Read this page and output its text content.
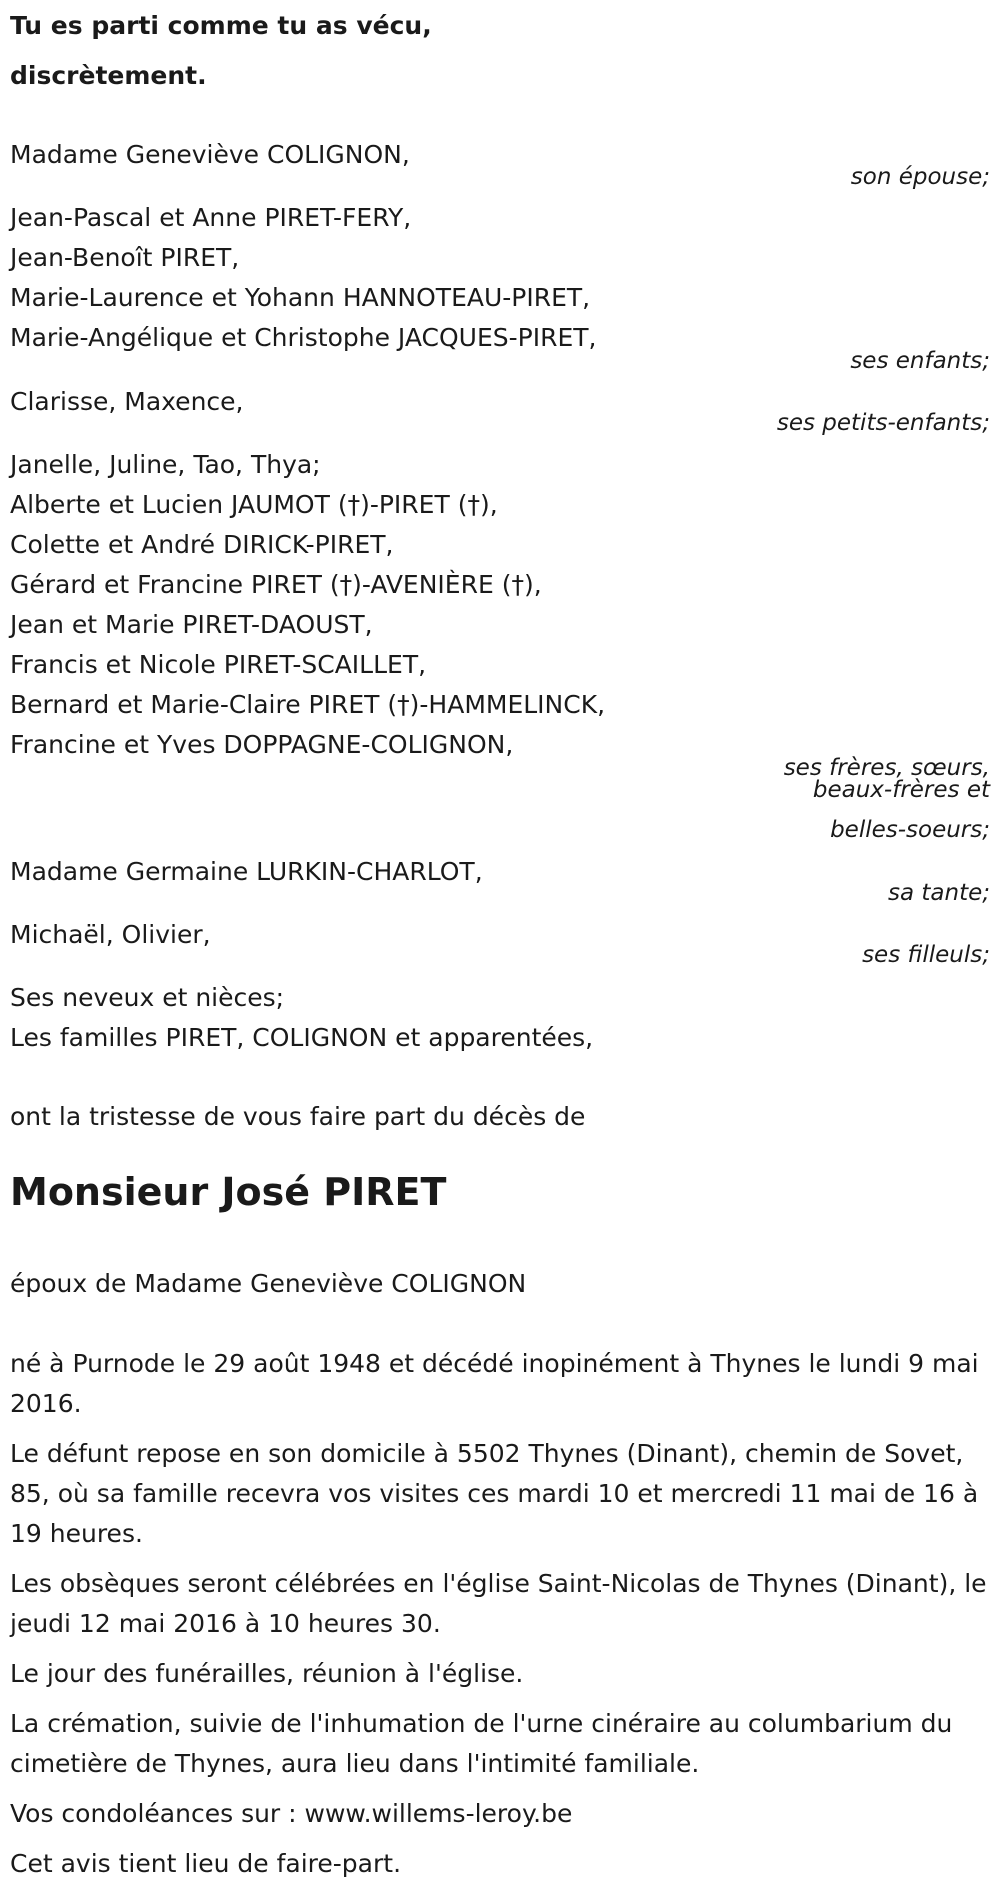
Tu es parti comme tu as vécu,
discrètement.
Madame Geneviève COLIGNON,
son épouse;
Jean-Pascal et Anne PIRET-FERY,
Jean-Benoît PIRET,
Marie-Laurence et Yohann HANNOTEAU-PIRET,
Marie-Angélique et Christophe JACQUES-PIRET,
ses enfants;
Clarisse, Maxence,
ses petits-enfants;
Janelle, Juline, Tao, Thya;
Alberte et Lucien JAUMOT (†)-PIRET (†),
Colette et André DIRICK-PIRET,
Gérard et Francine PIRET (†)-AVENIÈRE (†),
Jean et Marie PIRET-DAOUST,
Francis et Nicole PIRET-SCAILLET,
Bernard et Marie-Claire PIRET (†)-HAMMELINCK,
Francine et Yves DOPPAGNE-COLIGNON,
ses frères, sœurs,
beaux-frères et
belles-soeurs;
Madame Germaine LURKIN-CHARLOT,
sa tante;
Michaël, Olivier,
ses filleuls;
Ses neveux et nièces;
Les familles PIRET, COLIGNON et apparentées,
ont la tristesse de vous faire part du décès de
Monsieur José PIRET
époux de Madame Geneviève COLIGNON
né à Purnode le 29 août 1948 et décédé inopinément à Thynes le lundi 9 mai 2016.
Le défunt repose en son domicile à 5502 Thynes (Dinant), chemin de Sovet, 85, où sa famille recevra vos visites ces mardi 10 et mercredi 11 mai de 16 à 19 heures.
Les obsèques seront célébrées en l'église Saint-Nicolas de Thynes (Dinant), le jeudi 12 mai 2016 à 10 heures 30.
Le jour des funérailles, réunion à l'église.
La crémation, suivie de l'inhumation de l'urne cinéraire au columbarium du cimetière de Thynes, aura lieu dans l'intimité familiale.
Vos condoléances sur : www.willems-leroy.be
Cet avis tient lieu de faire-part.
